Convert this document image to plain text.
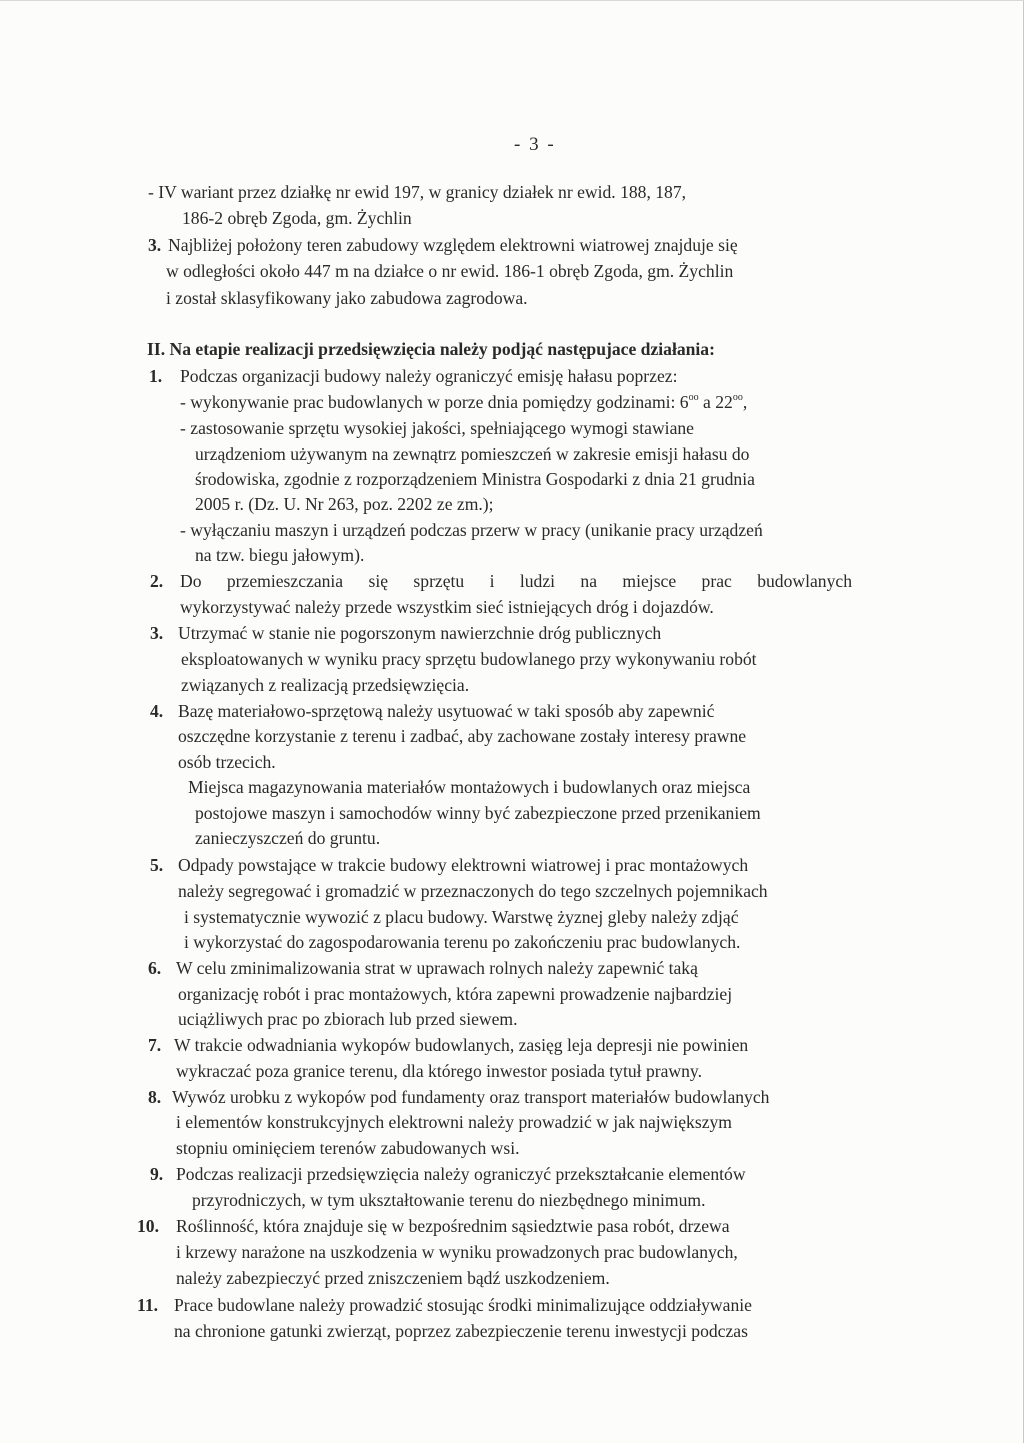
- 3 -
- IV wariant przez działkę nr ewid 197, w granicy działek nr ewid. 188, 187,
186-2 obręb Zgoda, gm. Żychlin
3. Najbliżej położony teren zabudowy względem elektrowni wiatrowej znajduje się
w odległości około 447 m na działce o nr ewid. 186-1 obręb Zgoda, gm. Żychlin
i został sklasyfikowany jako zabudowa zagrodowa.
II. Na etapie realizacji przedsięwzięcia należy podjąć następujace działania:
1. Podczas organizacji budowy należy ograniczyć emisję hałasu poprzez:
- wykonywanie prac budowlanych w porze dnia pomiędzy godzinami: $6^{oo}$ a $22^{oo}$,
- zastosowanie sprzętu wysokiej jakości, spełniającego wymogi stawiane
urządzeniom używanym na zewnątrz pomieszczeń w zakresie emisji hałasu do
środowiska, zgodnie z rozporządzeniem Ministra Gospodarki z dnia 21 grudnia
2005 r. (Dz. U. Nr 263, poz. 2202 ze zm.);
- wyłączaniu maszyn i urządzeń podczas przerw w pracy (unikanie pracy urządzeń
na tzw. biegu jałowym).
2. Do przemieszczania się sprzętu i ludzi na miejsce prac budowlanych
wykorzystywać należy przede wszystkim sieć istniejących dróg i dojazdów.
3. Utrzymać w stanie nie pogorszonym nawierzchnie dróg publicznych
eksploatowanych w wyniku pracy sprzętu budowlanego przy wykonywaniu robót
związanych z realizacją przedsięwzięcia.
4. Bazę materiałowo-sprzętową należy usytuować w taki sposób aby zapewnić
oszczędne korzystanie z terenu i zadbać, aby zachowane zostały interesy prawne
osób trzecich.
Miejsca magazynowania materiałów montażowych i budowlanych oraz miejsca
postojowe maszyn i samochodów winny być zabezpieczone przed przenikaniem
zanieczyszczeń do gruntu.
5. Odpady powstające w trakcie budowy elektrowni wiatrowej i prac montażowych
należy segregować i gromadzić w przeznaczonych do tego szczelnych pojemnikach
i systematycznie wywozić z placu budowy. Warstwę żyznej gleby należy zdjąć
i wykorzystać do zagospodarowania terenu po zakończeniu prac budowlanych.
6. W celu zminimalizowania strat w uprawach rolnych należy zapewnić taką
organizację robót i prac montażowych, która zapewni prowadzenie najbardziej
uciążliwych prac po zbiorach lub przed siewem.
7. W trakcie odwadniania wykopów budowlanych, zasięg leja depresji nie powinien
wykraczać poza granice terenu, dla którego inwestor posiada tytuł prawny.
8. Wywóz urobku z wykopów pod fundamenty oraz transport materiałów budowlanych
i elementów konstrukcyjnych elektrowni należy prowadzić w jak największym
stopniu ominięciem terenów zabudowanych wsi.
9. Podczas realizacji przedsięwzięcia należy ograniczyć przekształcanie elementów
przyrodniczych, w tym ukształtowanie terenu do niezbędnego minimum.
10. Roślinność, która znajduje się w bezpośrednim sąsiedztwie pasa robót, drzewa
i krzewy narażone na uszkodzenia w wyniku prowadzonych prac budowlanych,
należy zabezpieczyć przed zniszczeniem bądź uszkodzeniem.
11. Prace budowlane należy prowadzić stosując środki minimalizujące oddziaływanie
na chronione gatunki zwierząt, poprzez zabezpieczenie terenu inwestycji podczas
